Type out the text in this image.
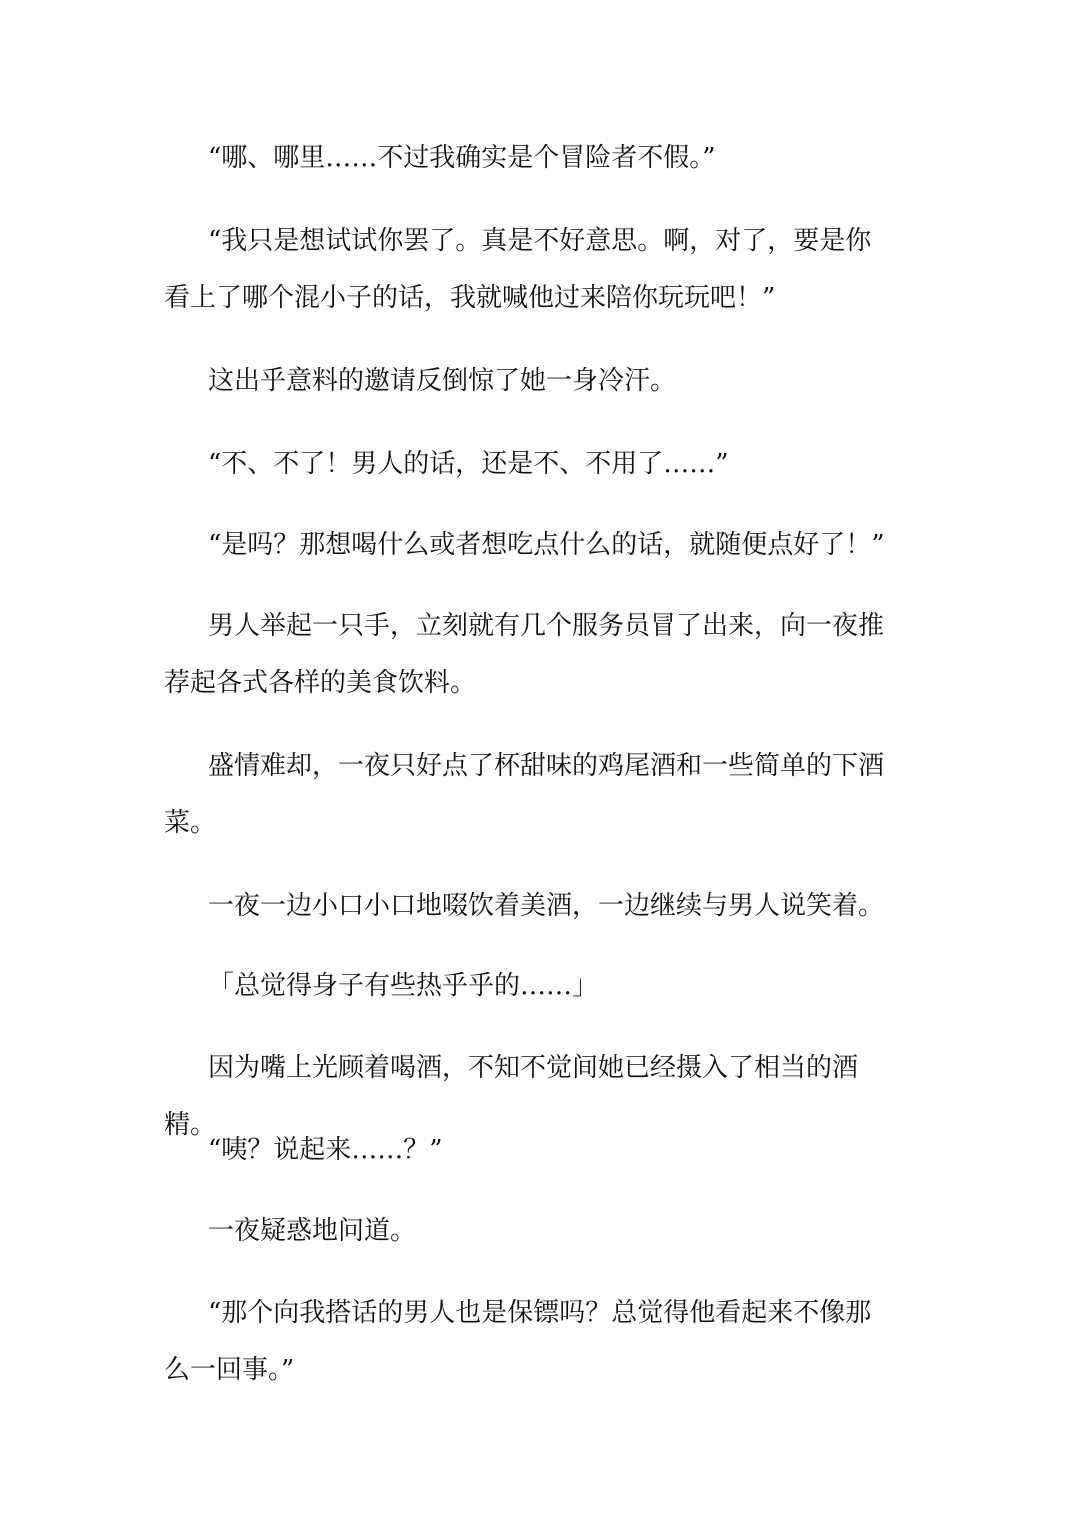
“哪、哪里……不过我确实是个冒险者不假。”

“我只是想试试你罢了。真是不好意思。啊，对了，要是你看上了哪个混小子的话，我就喊他过来陪你玩玩吧！”

这出乎意料的邀请反倒惊了她一身冷汗。

“不、不了！男人的话，还是不、不用了……”

“是吗？那想喝什么或者想吃点什么的话，就随便点好了！”

男人举起一只手，立刻就有几个服务员冒了出来，向一夜推荐起各式各样的美食饮料。

盛情难却，一夜只好点了杯甜味的鸡尾酒和一些简单的下酒菜。

一夜一边小口小口地啜饮着美酒，一边继续与男人说笑着。

「总觉得身子有些热乎乎的……」

因为嘴上光顾着喝酒，不知不觉间她已经摄入了相当的酒精。

“咦？说起来……？”

一夜疑惑地问道。

“那个向我搭话的男人也是保镖吗？总觉得他看起来不像那么一回事。”
